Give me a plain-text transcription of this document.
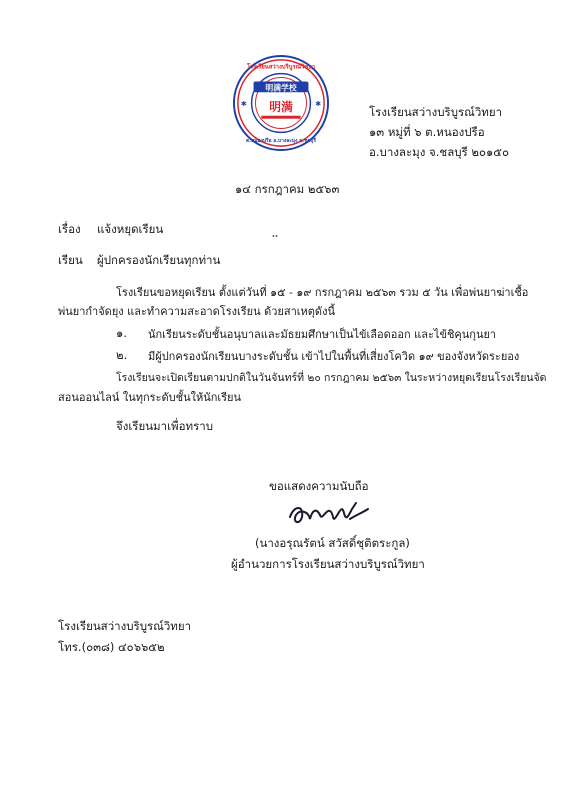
明满学校
明满
โรงเรียนสว่างบริบูรณ์วิทยา
ต.หนองปรือ อ.บางละมุง จ.ชลบุรี
✱	✱
โรงเรียนสว่างบริบูรณ์วิทยา
๑๓ หมู่ที่ ๖ ต.หนองปรือ
อ.บางละมุง จ.ชลบุรี ๒๐๑๕๐
๑๔ กรกฎาคม ๒๕๖๓
เรื่อง แจ้งหยุดเรียน
เรียน ผู้ปกครองนักเรียนทุกท่าน
โรงเรียนขอหยุดเรียน ตั้งแต่วันที่ ๑๕ - ๑๙ กรกฎาคม ๒๕๖๓ รวม ๕ วัน เพื่อพ่นยาฆ่าเชื้อ
พ่นยากำจัดยุง และทำความสะอาดโรงเรียน ด้วยสาเหตุดังนี้
๑. นักเรียนระดับชั้นอนุบาลและมัธยมศึกษาเป็นไข้เลือดออก และไข้ชิคุนกุนยา
๒. มีผู้ปกครองนักเรียนบางระดับชั้น เข้าไปในพื้นที่เสี่ยงโควิด ๑๙ ของจังหวัดระยอง
โรงเรียนจะเปิดเรียนตามปกติในวันจันทร์ที่ ๒๐ กรกฎาคม ๒๕๖๓ ในระหว่างหยุดเรียนโรงเรียนจัด
สอนออนไลน์ ในทุกระดับชั้นให้นักเรียน
จึงเรียนมาเพื่อทราบ
ขอแสดงความนับถือ
(นางอรุณรัตน์ สวัสดิ์ชุติตระกูล)
ผู้อำนวยการโรงเรียนสว่างบริบูรณ์วิทยา
โรงเรียนสว่างบริบูรณ์วิทยา
โทร.(๐๓๘) ๔๐๖๖๕๒
